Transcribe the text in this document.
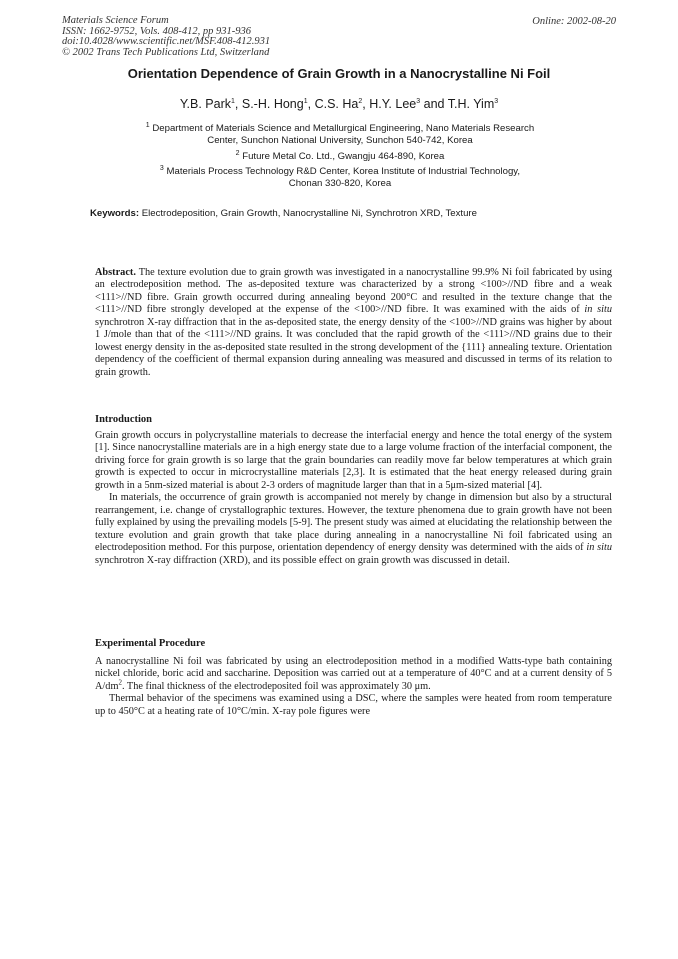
Materials Science Forum
ISSN: 1662-9752, Vols. 408-412, pp 931-936
doi:10.4028/www.scientific.net/MSF.408-412.931
© 2002 Trans Tech Publications Ltd, Switzerland
Online: 2002-08-20
Orientation Dependence of Grain Growth in a Nanocrystalline Ni Foil
Y.B. Park$^1$, S.-H. Hong$^1$, C.S. Ha$^2$, H.Y. Lee$^3$ and T.H. Yim$^3$
$^1$ Department of Materials Science and Metallurgical Engineering, Nano Materials Research
Center, Sunchon National University, Sunchon 540-742, Korea
$^2$ Future Metal Co. Ltd., Gwangju 464-890, Korea
$^3$ Materials Process Technology R&D Center, Korea Institute of Industrial Technology,
Chonan 330-820, Korea
Keywords: Electrodeposition, Grain Growth, Nanocrystalline Ni, Synchrotron XRD, Texture

Abstract. The texture evolution due to grain growth was investigated in a nanocrystalline 99.9% Ni foil fabricated by using an electrodeposition method. The as-deposited texture was characterized by a strong <100>//ND fibre and a weak <111>//ND fibre. Grain growth occurred during annealing beyond 200°C and resulted in the texture change that the <111>//ND fibre strongly developed at the expense of the <100>//ND fibre. It was examined with the aids of in situ synchrotron X-ray diffraction that in the as-deposited state, the energy density of the <100>//ND grains was higher by about 1 J/mole than that of the <111>//ND grains. It was concluded that the rapid growth of the <111>//ND grains due to their lowest energy density in the as-deposited state resulted in the strong development of the {111} annealing texture. Orientation dependency of the coefficient of thermal expansion during annealing was measured and discussed in terms of its relation to grain growth.

Introduction

Grain growth occurs in polycrystalline materials to decrease the interfacial energy and hence the total energy of the system [1]. Since nanocrystalline materials are in a high energy state due to a large volume fraction of the interfacial component, the driving force for grain growth is so large that the grain boundaries can readily move far below temperatures at which grain growth is expected to occur in microcrystalline materials [2,3]. It is estimated that the heat energy released during grain growth in a 5nm-sized material is about 2-3 orders of magnitude larger than that in a 5μm-sized material [4].

In materials, the occurrence of grain growth is accompanied not merely by change in dimension but also by a structural rearrangement, i.e. change of crystallographic textures. However, the texture phenomena due to grain growth have not been fully explained by using the prevailing models [5-9]. The present study was aimed at elucidating the relationship between the texture evolution and grain growth that take place during annealing in a nanocrystalline Ni foil fabricated using an electrodeposition method. For this purpose, orientation dependency of energy density was determined with the aids of in situ synchrotron X-ray diffraction (XRD), and its possible effect on grain growth was discussed in detail.

Experimental Procedure

A nanocrystalline Ni foil was fabricated by using an electrodeposition method in a modified Watts-type bath containing nickel chloride, boric acid and saccharine. Deposition was carried out at a temperature of 40°C and at a current density of 5 $A/dm^2$. The final thickness of the electrodeposited foil was approximately 30 μm.

Thermal behavior of the specimens was examined using a DSC, where the samples were heated from room temperature up to 450°C at a heating rate of 10°C/min. X-ray pole figures were
